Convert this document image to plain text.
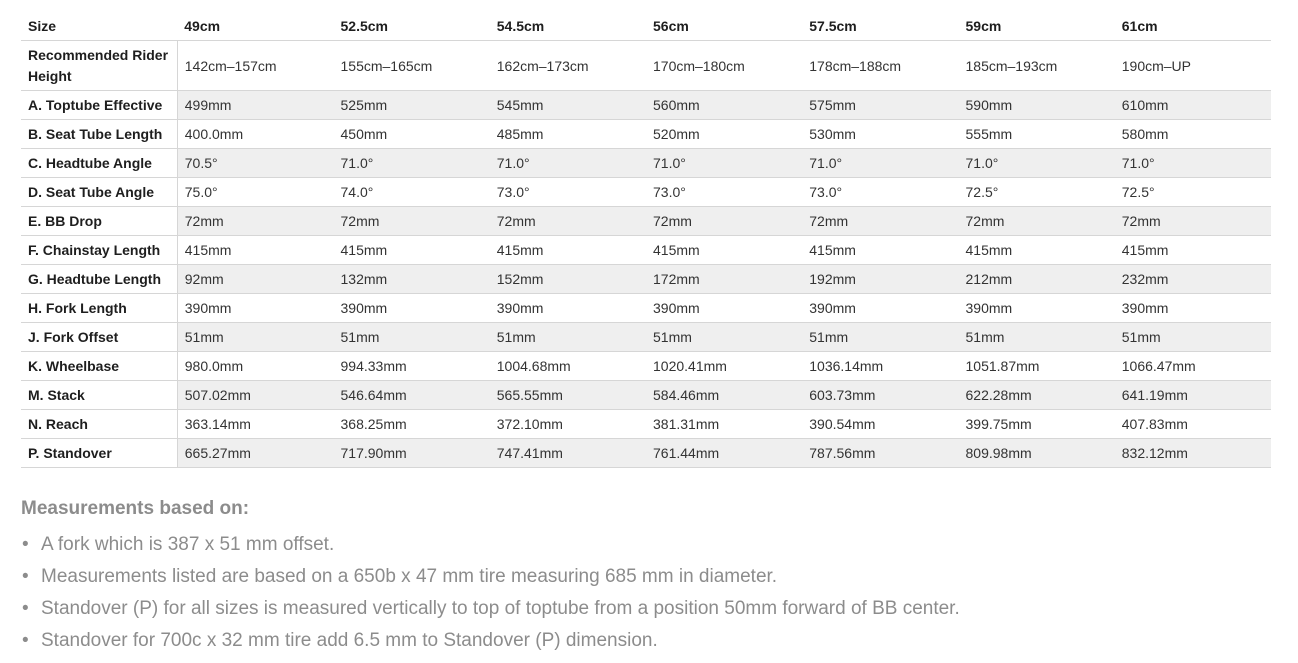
Size	49cm	52.5cm	54.5cm	56cm	57.5cm	59cm	61cm
Recommended Rider Height	142cm–157cm	155cm–165cm	162cm–173cm	170cm–180cm	178cm–188cm	185cm–193cm	190cm–UP
A. Toptube Effective	499mm	525mm	545mm	560mm	575mm	590mm	610mm
B. Seat Tube Length	400.0mm	450mm	485mm	520mm	530mm	555mm	580mm
C. Headtube Angle	70.5°	71.0°	71.0°	71.0°	71.0°	71.0°	71.0°
D. Seat Tube Angle	75.0°	74.0°	73.0°	73.0°	73.0°	72.5°	72.5°
E. BB Drop	72mm	72mm	72mm	72mm	72mm	72mm	72mm
F. Chainstay Length	415mm	415mm	415mm	415mm	415mm	415mm	415mm
G. Headtube Length	92mm	132mm	152mm	172mm	192mm	212mm	232mm
H. Fork Length	390mm	390mm	390mm	390mm	390mm	390mm	390mm
J. Fork Offset	51mm	51mm	51mm	51mm	51mm	51mm	51mm
K. Wheelbase	980.0mm	994.33mm	1004.68mm	1020.41mm	1036.14mm	1051.87mm	1066.47mm
M. Stack	507.02mm	546.64mm	565.55mm	584.46mm	603.73mm	622.28mm	641.19mm
N. Reach	363.14mm	368.25mm	372.10mm	381.31mm	390.54mm	399.75mm	407.83mm
P. Standover	665.27mm	717.90mm	747.41mm	761.44mm	787.56mm	809.98mm	832.12mm
Measurements based on:
• A fork which is 387 x 51 mm offset.
• Measurements listed are based on a 650b x 47 mm tire measuring 685 mm in diameter.
• Standover (P) for all sizes is measured vertically to top of toptube from a position 50mm forward of BB center.
• Standover for 700c x 32 mm tire add 6.5 mm to Standover (P) dimension.
